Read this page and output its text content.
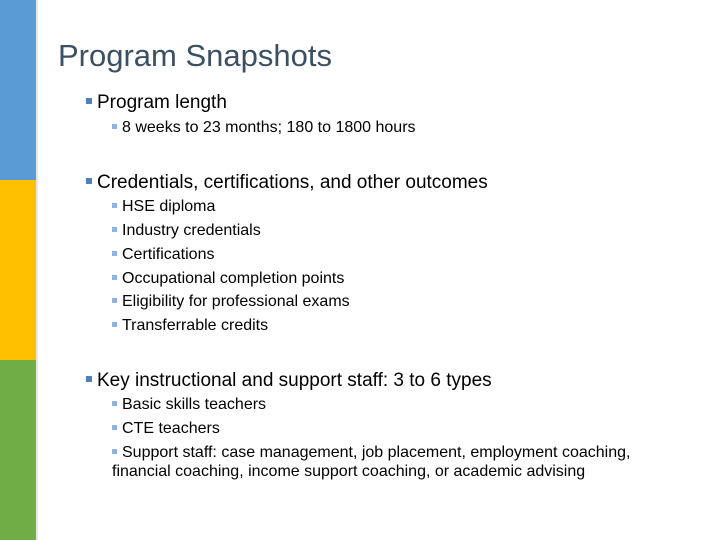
Program Snapshots
Program length
8 weeks to 23 months; 180 to 1800 hours
Credentials, certifications, and other outcomes
HSE diploma
Industry credentials
Certifications
Occupational completion points
Eligibility for professional exams
Transferrable credits
Key instructional and support staff: 3 to 6 types
Basic skills teachers
CTE teachers
Support staff: case management, job placement, employment coaching, financial coaching, income support coaching, or academic advising
